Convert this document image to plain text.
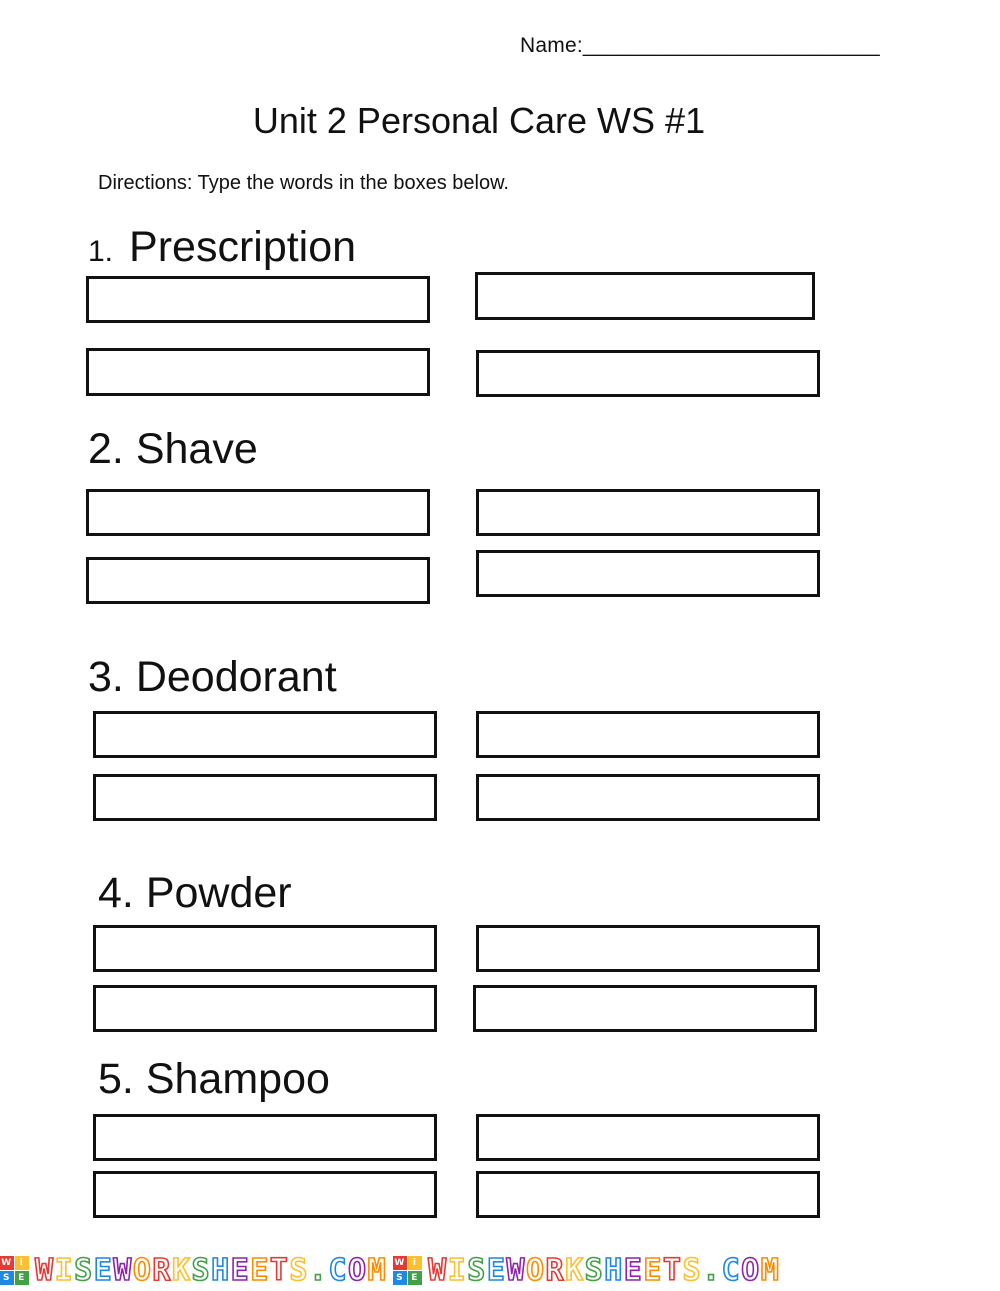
Name:_________________________
Unit 2 Personal Care WS #1
Directions: Type the words in the boxes below.
1. Prescription
2. Shave
3. Deodorant
4. Powder
5. Shampoo
W i
S E WISEWORKSHEETS.COM W i
S E WISEWORKSHEETS.COM
